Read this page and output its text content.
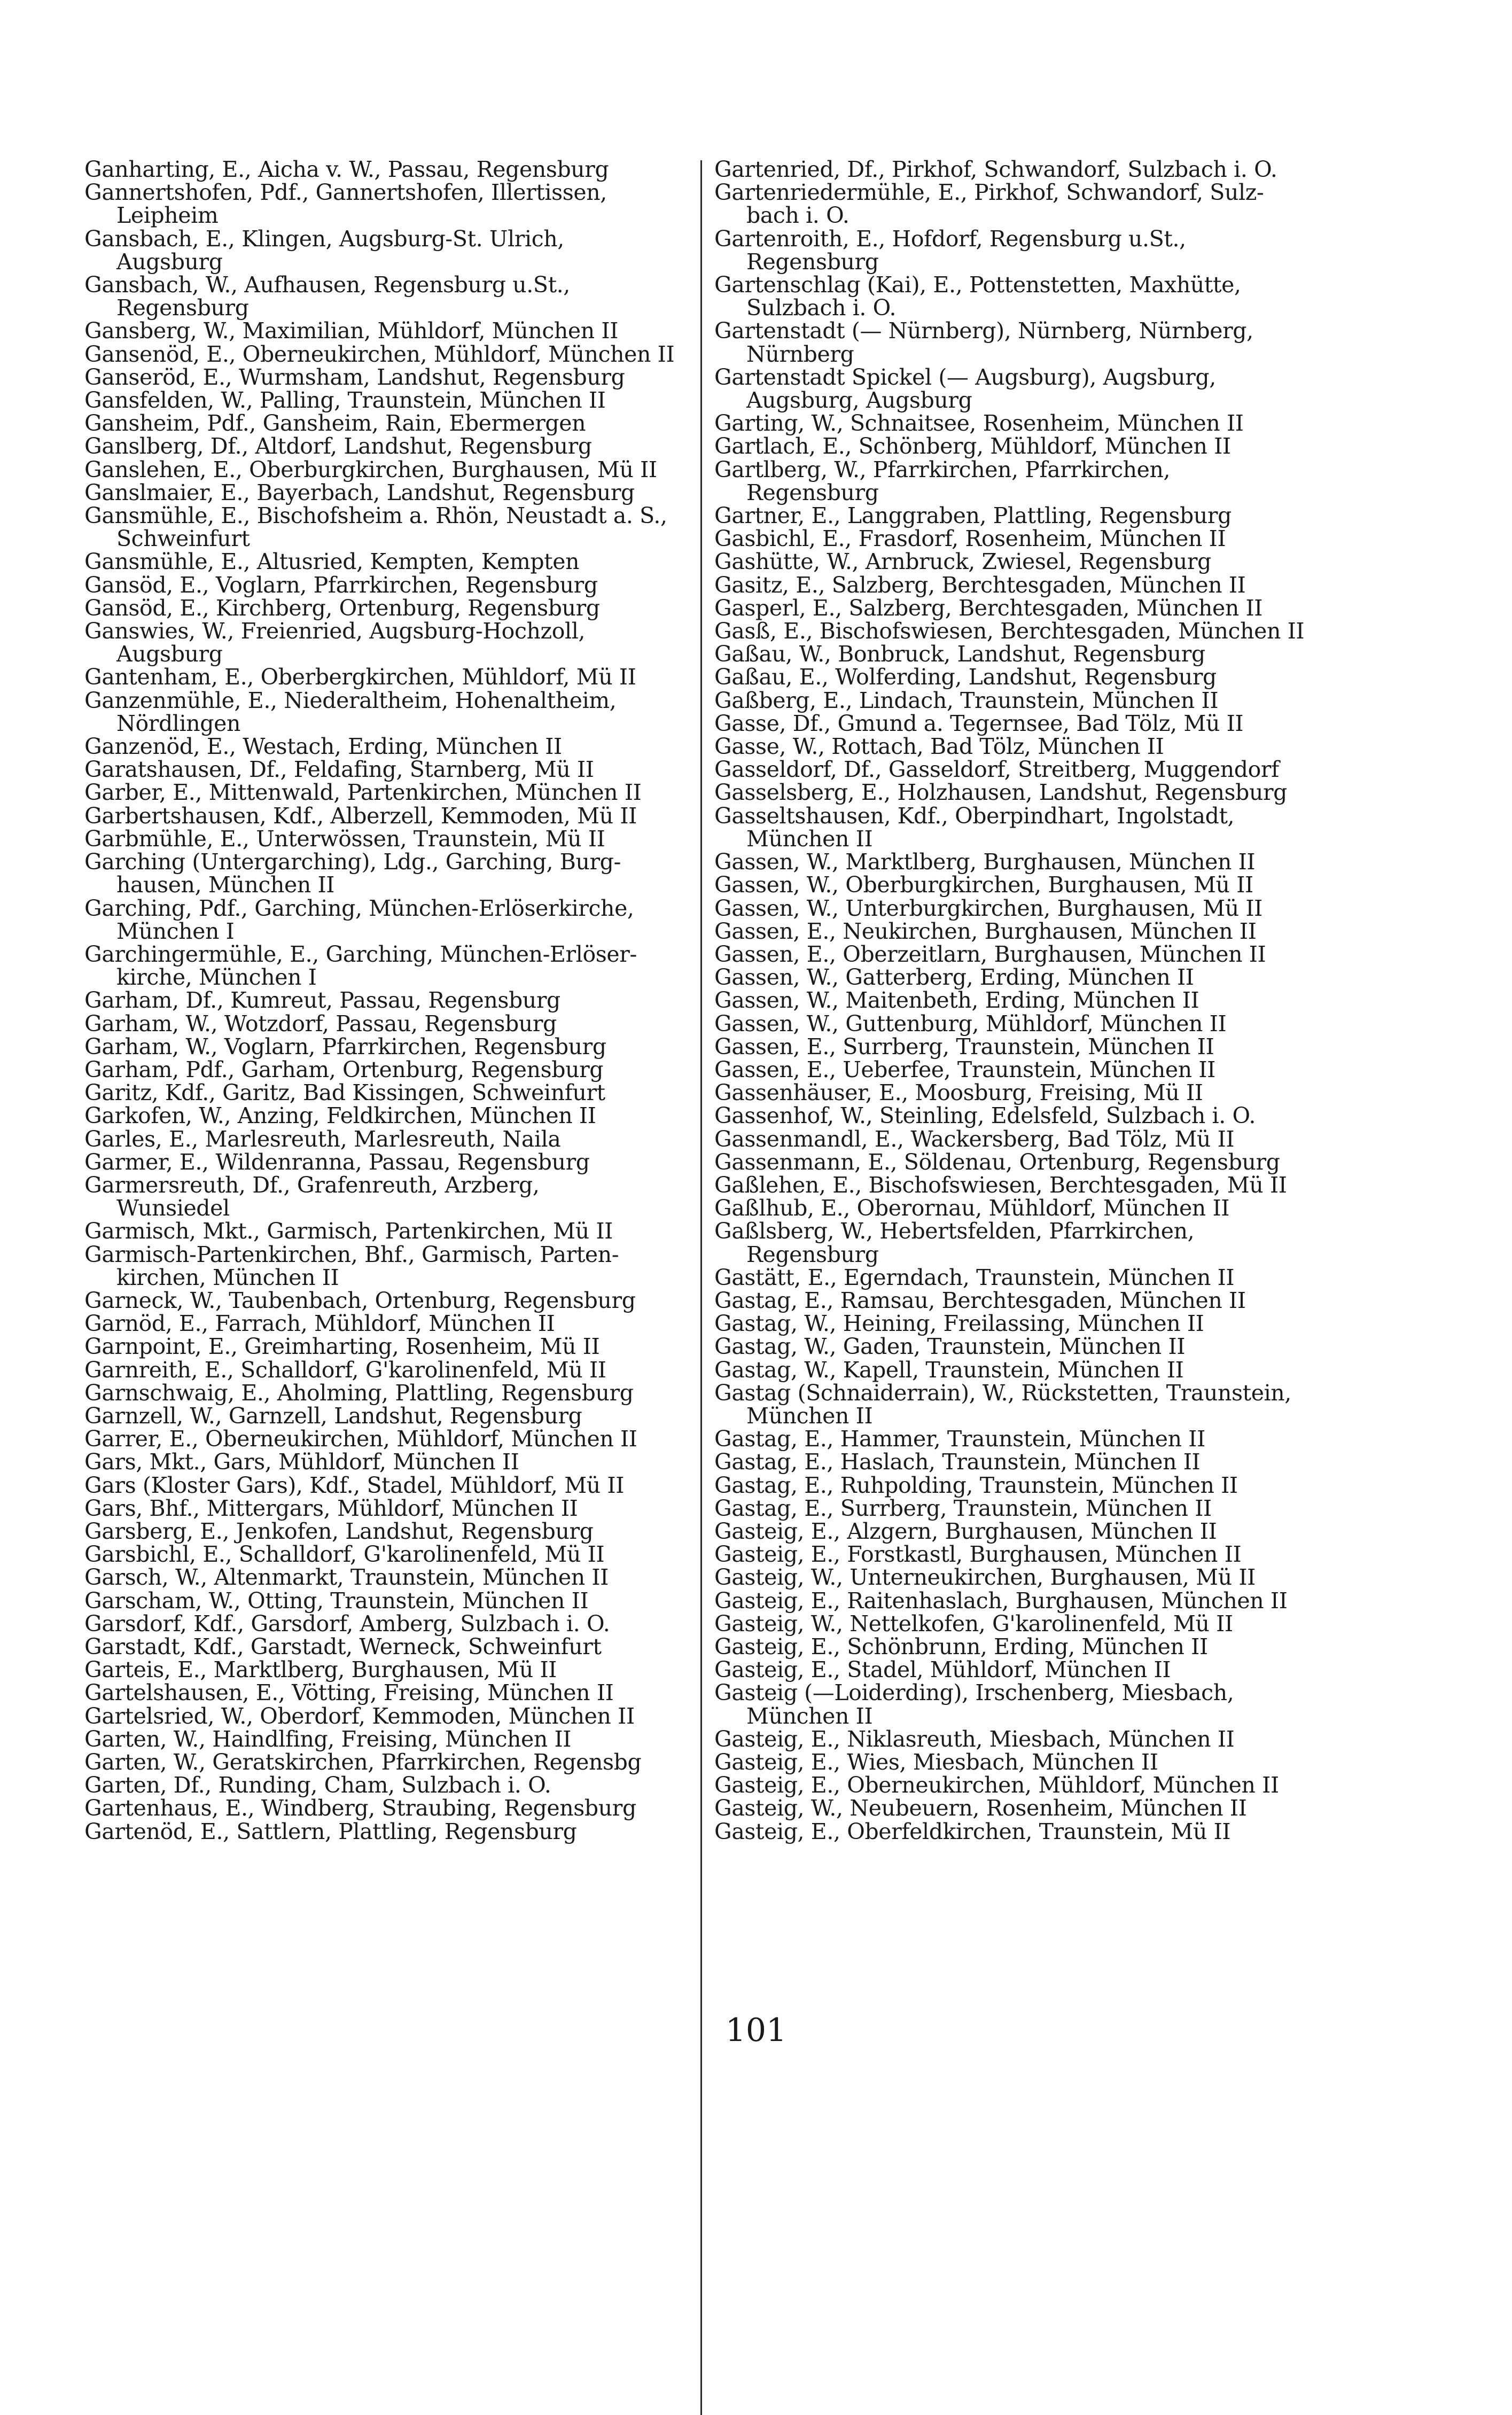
Ganharting, E., Aicha v. W., Passau, Regensburg
Gannertshofen, Pdf., Gannertshofen, Illertissen,
Leipheim
Gansbach, E., Klingen, Augsburg-St. Ulrich,
Augsburg
Gansbach, W., Aufhausen, Regensburg u.St.,
Regensburg
Gansberg, W., Maximilian, Mühldorf, München II
Gansenöd, E., Oberneukirchen, Mühldorf, München II
Ganseröd, E., Wurmsham, Landshut, Regensburg
Gansfelden, W., Palling, Traunstein, München II
Gansheim, Pdf., Gansheim, Rain, Ebermergen
Ganslberg, Df., Altdorf, Landshut, Regensburg
Ganslehen, E., Oberburgkirchen, Burghausen, Mü II
Ganslmaier, E., Bayerbach, Landshut, Regensburg
Gansmühle, E., Bischofsheim a. Rhön, Neustadt a. S.,
Schweinfurt
Gansmühle, E., Altusried, Kempten, Kempten
Gansöd, E., Voglarn, Pfarrkirchen, Regensburg
Gansöd, E., Kirchberg, Ortenburg, Regensburg
Ganswies, W., Freienried, Augsburg-Hochzoll,
Augsburg
Gantenham, E., Oberbergkirchen, Mühldorf, Mü II
Ganzenmühle, E., Niederaltheim, Hohenaltheim,
Nördlingen
Ganzenöd, E., Westach, Erding, München II
Garatshausen, Df., Feldafing, Starnberg, Mü II
Garber, E., Mittenwald, Partenkirchen, München II
Garbertshausen, Kdf., Alberzell, Kemmoden, Mü II
Garbmühle, E., Unterwössen, Traunstein, Mü II
Garching (Untergarching), Ldg., Garching, Burg-
hausen, München II
Garching, Pdf., Garching, München-Erlöserkirche,
München I
Garchingermühle, E., Garching, München-Erlöser-
kirche, München I
Garham, Df., Kumreut, Passau, Regensburg
Garham, W., Wotzdorf, Passau, Regensburg
Garham, W., Voglarn, Pfarrkirchen, Regensburg
Garham, Pdf., Garham, Ortenburg, Regensburg
Garitz, Kdf., Garitz, Bad Kissingen, Schweinfurt
Garkofen, W., Anzing, Feldkirchen, München II
Garles, E., Marlesreuth, Marlesreuth, Naila
Garmer, E., Wildenranna, Passau, Regensburg
Garmersreuth, Df., Grafenreuth, Arzberg,
Wunsiedel
Garmisch, Mkt., Garmisch, Partenkirchen, Mü II
Garmisch-Partenkirchen, Bhf., Garmisch, Parten-
kirchen, München II
Garneck, W., Taubenbach, Ortenburg, Regensburg
Garnöd, E., Farrach, Mühldorf, München II
Garnpoint, E., Greimharting, Rosenheim, Mü II
Garnreith, E., Schalldorf, G'karolinenfeld, Mü II
Garnschwaig, E., Aholming, Plattling, Regensburg
Garnzell, W., Garnzell, Landshut, Regensburg
Garrer, E., Oberneukirchen, Mühldorf, München II
Gars, Mkt., Gars, Mühldorf, München II
Gars (Kloster Gars), Kdf., Stadel, Mühldorf, Mü II
Gars, Bhf., Mittergars, Mühldorf, München II
Garsberg, E., Jenkofen, Landshut, Regensburg
Garsbichl, E., Schalldorf, G'karolinenfeld, Mü II
Garsch, W., Altenmarkt, Traunstein, München II
Garscham, W., Otting, Traunstein, München II
Garsdorf, Kdf., Garsdorf, Amberg, Sulzbach i. O.
Garstadt, Kdf., Garstadt, Werneck, Schweinfurt
Garteis, E., Marktlberg, Burghausen, Mü II
Gartelshausen, E., Vötting, Freising, München II
Gartelsried, W., Oberdorf, Kemmoden, München II
Garten, W., Haindlfing, Freising, München II
Garten, W., Geratskirchen, Pfarrkirchen, Regensbg
Garten, Df., Runding, Cham, Sulzbach i. O.
Gartenhaus, E., Windberg, Straubing, Regensburg
Gartenöd, E., Sattlern, Plattling, Regensburg
Gartenried, Df., Pirkhof, Schwandorf, Sulzbach i. O.
Gartenriedermühle, E., Pirkhof, Schwandorf, Sulz-
bach i. O.
Gartenroith, E., Hofdorf, Regensburg u.St.,
Regensburg
Gartenschlag (Kai), E., Pottenstetten, Maxhütte,
Sulzbach i. O.
Gartenstadt (— Nürnberg), Nürnberg, Nürnberg,
Nürnberg
Gartenstadt Spickel (— Augsburg), Augsburg,
Augsburg, Augsburg
Garting, W., Schnaitsee, Rosenheim, München II
Gartlach, E., Schönberg, Mühldorf, München II
Gartlberg, W., Pfarrkirchen, Pfarrkirchen,
Regensburg
Gartner, E., Langgraben, Plattling, Regensburg
Gasbichl, E., Frasdorf, Rosenheim, München II
Gashütte, W., Arnbruck, Zwiesel, Regensburg
Gasitz, E., Salzberg, Berchtesgaden, München II
Gasperl, E., Salzberg, Berchtesgaden, München II
Gasß, E., Bischofswiesen, Berchtesgaden, München II
Gaßau, W., Bonbruck, Landshut, Regensburg
Gaßau, E., Wolferding, Landshut, Regensburg
Gaßberg, E., Lindach, Traunstein, München II
Gasse, Df., Gmund a. Tegernsee, Bad Tölz, Mü II
Gasse, W., Rottach, Bad Tölz, München II
Gasseldorf, Df., Gasseldorf, Streitberg, Muggendorf
Gasselsberg, E., Holzhausen, Landshut, Regensburg
Gasseltshausen, Kdf., Oberpindhart, Ingolstadt,
München II
Gassen, W., Marktlberg, Burghausen, München II
Gassen, W., Oberburgkirchen, Burghausen, Mü II
Gassen, W., Unterburgkirchen, Burghausen, Mü II
Gassen, E., Neukirchen, Burghausen, München II
Gassen, E., Oberzeitlarn, Burghausen, München II
Gassen, W., Gatterberg, Erding, München II
Gassen, W., Maitenbeth, Erding, München II
Gassen, W., Guttenburg, Mühldorf, München II
Gassen, E., Surrberg, Traunstein, München II
Gassen, E., Ueberfee, Traunstein, München II
Gassenhäuser, E., Moosburg, Freising, Mü II
Gassenhof, W., Steinling, Edelsfeld, Sulzbach i. O.
Gassenmandl, E., Wackersberg, Bad Tölz, Mü II
Gassenmann, E., Söldenau, Ortenburg, Regensburg
Gaßlehen, E., Bischofswiesen, Berchtesgaden, Mü II
Gaßlhub, E., Oberornau, Mühldorf, München II
Gaßlsberg, W., Hebertsfelden, Pfarrkirchen,
Regensburg
Gastätt, E., Egerndach, Traunstein, München II
Gastag, E., Ramsau, Berchtesgaden, München II
Gastag, W., Heining, Freilassing, München II
Gastag, W., Gaden, Traunstein, München II
Gastag, W., Kapell, Traunstein, München II
Gastag (Schnaiderrain), W., Rückstetten, Traunstein,
München II
Gastag, E., Hammer, Traunstein, München II
Gastag, E., Haslach, Traunstein, München II
Gastag, E., Ruhpolding, Traunstein, München II
Gastag, E., Surrberg, Traunstein, München II
Gasteig, E., Alzgern, Burghausen, München II
Gasteig, E., Forstkastl, Burghausen, München II
Gasteig, W., Unterneukirchen, Burghausen, Mü II
Gasteig, E., Raitenhaslach, Burghausen, München II
Gasteig, W., Nettelkofen, G'karolinenfeld, Mü II
Gasteig, E., Schönbrunn, Erding, München II
Gasteig, E., Stadel, Mühldorf, München II
Gasteig (—Loiderding), Irschenberg, Miesbach,
München II
Gasteig, E., Niklasreuth, Miesbach, München II
Gasteig, E., Wies, Miesbach, München II
Gasteig, E., Oberneukirchen, Mühldorf, München II
Gasteig, W., Neubeuern, Rosenheim, München II
Gasteig, E., Oberfeldkirchen, Traunstein, Mü II
101
